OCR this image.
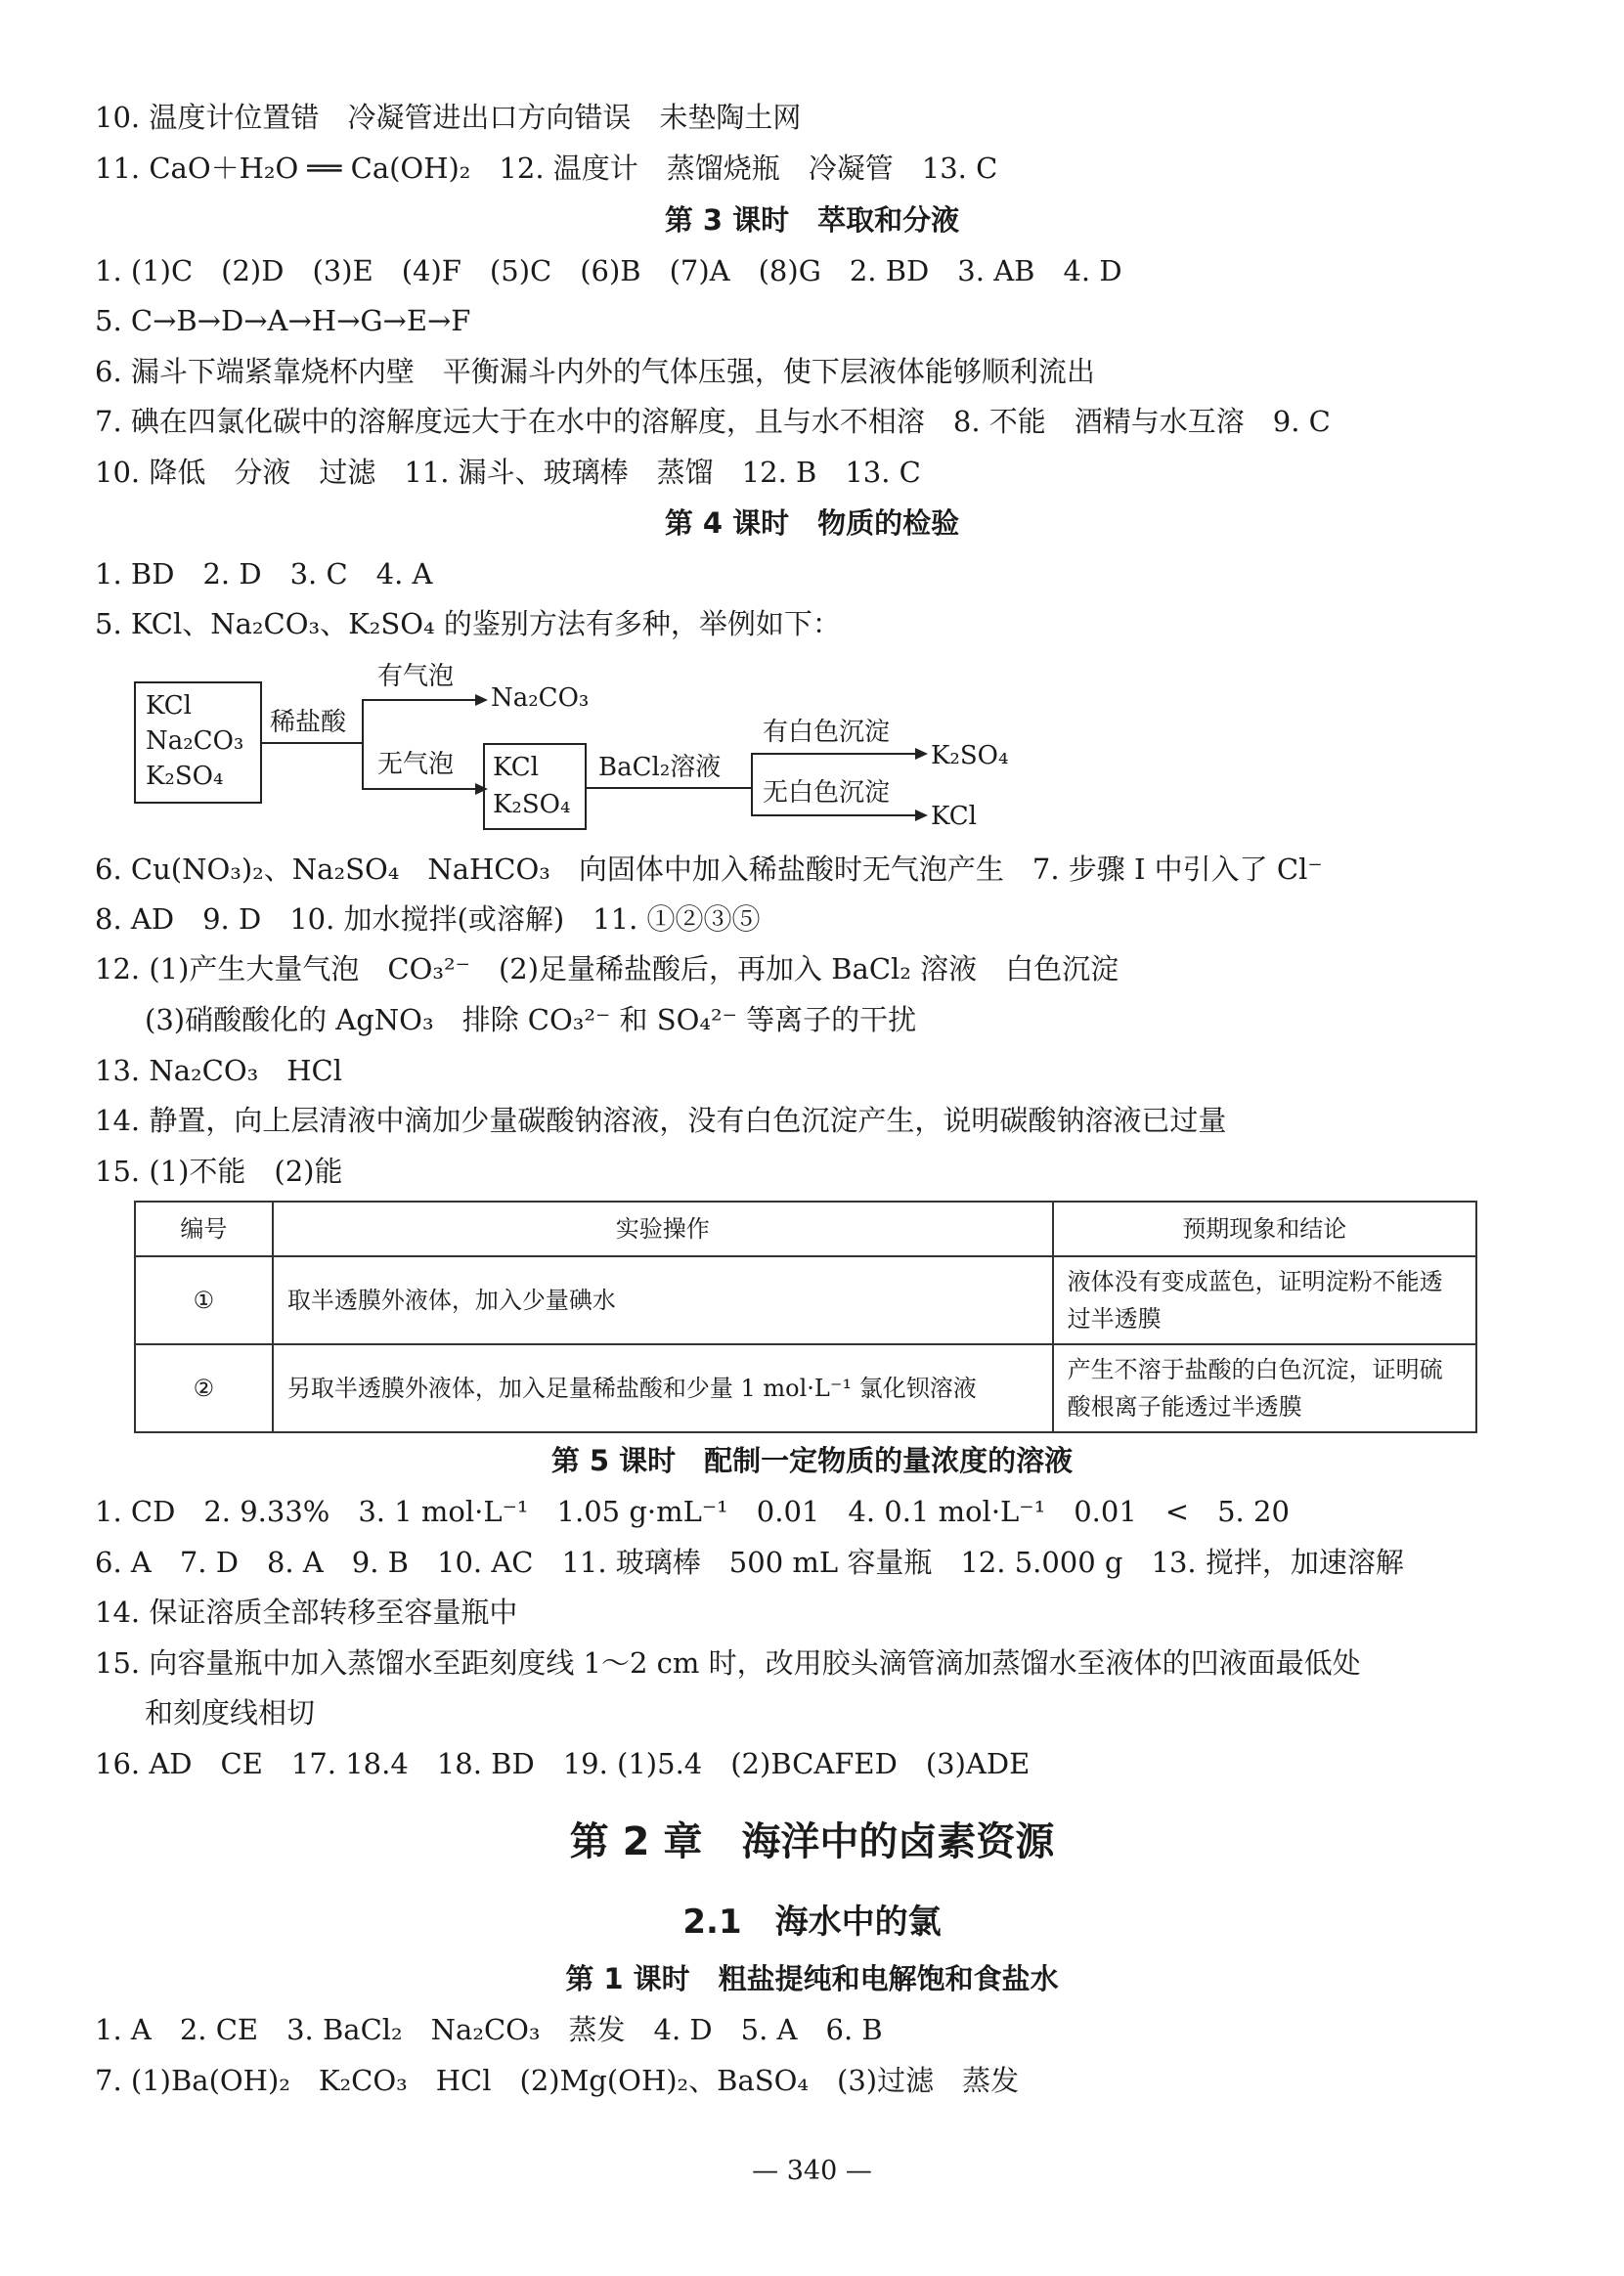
10. 温度计位置错　冷凝管进出口方向错误　未垫陶土网
11. CaO＋H₂O ══ Ca(OH)₂　12. 温度计　蒸馏烧瓶　冷凝管　13. C
第 3 课时　萃取和分液
1. (1)C　(2)D　(3)E　(4)F　(5)C　(6)B　(7)A　(8)G　2. BD　3. AB　4. D
5. C→B→D→A→H→G→E→F
6. 漏斗下端紧靠烧杯内壁　平衡漏斗内外的气体压强，使下层液体能够顺利流出
7. 碘在四氯化碳中的溶解度远大于在水中的溶解度，且与水不相溶　8. 不能　酒精与水互溶　9. C
10. 降低　分液　过滤　11. 漏斗、玻璃棒　蒸馏　12. B　13. C
第 4 课时　物质的检验
1. BD　2. D　3. C　4. A
5. KCl、Na₂CO₃、K₂SO₄ 的鉴别方法有多种，举例如下：
KCl
Na₂CO₃
K₂SO₄
稀盐酸
有气泡
Na₂CO₃
无气泡 KCl
K₂SO₄
BaCl₂溶液
有白色沉淀
K₂SO₄
无白色沉淀
KCl
6. Cu(NO₃)₂、Na₂SO₄　NaHCO₃　向固体中加入稀盐酸时无气泡产生　7. 步骤 I 中引入了 Cl⁻
8. AD　9. D　10. 加水搅拌(或溶解)　11. ①②③⑤
12. (1)产生大量气泡　CO₃²⁻　(2)足量稀盐酸后，再加入 BaCl₂ 溶液　白色沉淀
(3)硝酸酸化的 AgNO₃　排除 CO₃²⁻ 和 SO₄²⁻ 等离子的干扰
13. Na₂CO₃　HCl
14. 静置，向上层清液中滴加少量碳酸钠溶液，没有白色沉淀产生，说明碳酸钠溶液已过量
15. (1)不能　(2)能
编号	实验操作	预期现象和结论
①	取半透膜外液体，加入少量碘水	液体没有变成蓝色，证明淀粉不能透过半透膜
②	另取半透膜外液体，加入足量稀盐酸和少量 1 mol·L⁻¹ 氯化钡溶液	产生不溶于盐酸的白色沉淀，证明硫酸根离子能透过半透膜
第 5 课时　配制一定物质的量浓度的溶液
1. CD　2. 9.33%　3. 1 mol·L⁻¹　1.05 g·mL⁻¹　0.01　4. 0.1 mol·L⁻¹　0.01　<　5. 20
6. A　7. D　8. A　9. B　10. AC　11. 玻璃棒　500 mL 容量瓶　12. 5.000 g　13. 搅拌，加速溶解
14. 保证溶质全部转移至容量瓶中
15. 向容量瓶中加入蒸馏水至距刻度线 1～2 cm 时，改用胶头滴管滴加蒸馏水至液体的凹液面最低处
和刻度线相切
16. AD　CE　17. 18.4　18. BD　19. (1)5.4　(2)BCAFED　(3)ADE
第 2 章　海洋中的卤素资源
2.1　海水中的氯
第 1 课时　粗盐提纯和电解饱和食盐水
1. A　2. CE　3. BaCl₂　Na₂CO₃　蒸发　4. D　5. A　6. B
7. (1)Ba(OH)₂　K₂CO₃　HCl　(2)Mg(OH)₂、BaSO₄　(3)过滤　蒸发
— 340 —
